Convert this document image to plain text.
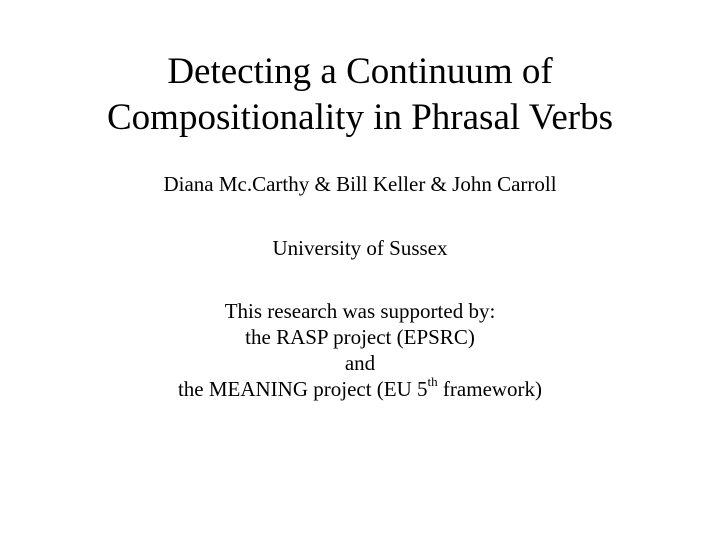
Detecting a Continuum of
Compositionality in Phrasal Verbs
Diana Mc.Carthy & Bill Keller & John Carroll
University of Sussex
This research was supported by:
the RASP project (EPSRC)
and
the MEANING project (EU 5th framework)
